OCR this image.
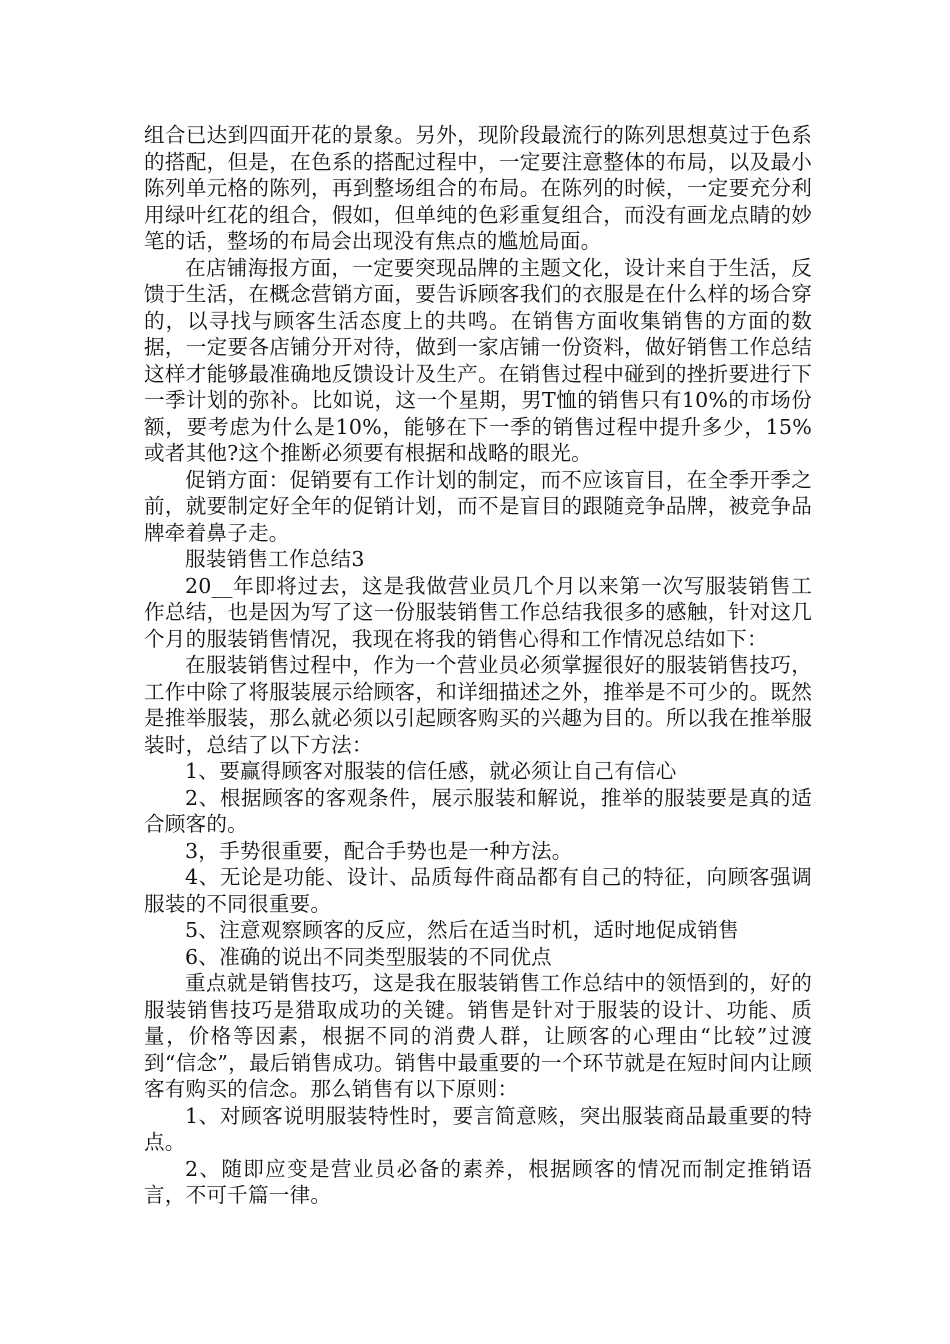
组合已达到四面开花的景象。另外，现阶段最流行的陈列思想莫过于色系的搭配，但是，在色系的搭配过程中，一定要注意整体的布局，以及最小陈列单元格的陈列，再到整场组合的布局。在陈列的时候，一定要充分利用绿叶红花的组合，假如，但单纯的色彩重复组合，而没有画龙点睛的妙笔的话，整场的布局会出现没有焦点的尴尬局面。

在店铺海报方面，一定要突现品牌的主题文化，设计来自于生活，反馈于生活，在概念营销方面，要告诉顾客我们的衣服是在什么样的场合穿的，以寻找与顾客生活态度上的共鸣。在销售方面收集销售的方面的数据，一定要各店铺分开对待，做到一家店铺一份资料，做好销售工作总结这样才能够最准确地反馈设计及生产。在销售过程中碰到的挫折要进行下一季计划的弥补。比如说，这一个星期，男T恤的销售只有10%的市场份额，要考虑为什么是10%，能够在下一季的销售过程中提升多少，15%或者其他?这个推断必须要有根据和战略的眼光。

促销方面：促销要有工作计划的制定，而不应该盲目，在全季开季之前，就要制定好全年的促销计划，而不是盲目的跟随竞争品牌，被竞争品牌牵着鼻子走。

服装销售工作总结3

20__年即将过去，这是我做营业员几个月以来第一次写服装销售工作总结，也是因为写了这一份服装销售工作总结我很多的感触，针对这几个月的服装销售情况，我现在将我的销售心得和工作情况总结如下：

在服装销售过程中，作为一个营业员必须掌握很好的服装销售技巧，工作中除了将服装展示给顾客，和详细描述之外，推举是不可少的。既然是推举服装，那么就必须以引起顾客购买的兴趣为目的。所以我在推举服装时，总结了以下方法：

1、要赢得顾客对服装的信任感，就必须让自己有信心

2、根据顾客的客观条件，展示服装和解说，推举的服装要是真的适合顾客的。

3，手势很重要，配合手势也是一种方法。

4、无论是功能、设计、品质每件商品都有自己的特征，向顾客强调服装的不同很重要。

5、注意观察顾客的反应，然后在适当时机，适时地促成销售

6、准确的说出不同类型服装的不同优点

重点就是销售技巧，这是我在服装销售工作总结中的领悟到的，好的服装销售技巧是猎取成功的关键。销售是针对于服装的设计、功能、质量，价格等因素，根据不同的消费人群，让顾客的心理由“比较”过渡到“信念”，最后销售成功。销售中最重要的一个环节就是在短时间内让顾客有购买的信念。那么销售有以下原则：

1、对顾客说明服装特性时，要言简意赅，突出服装商品最重要的特点。

2、随即应变是营业员必备的素养，根据顾客的情况而制定推销语言，不可千篇一律。
